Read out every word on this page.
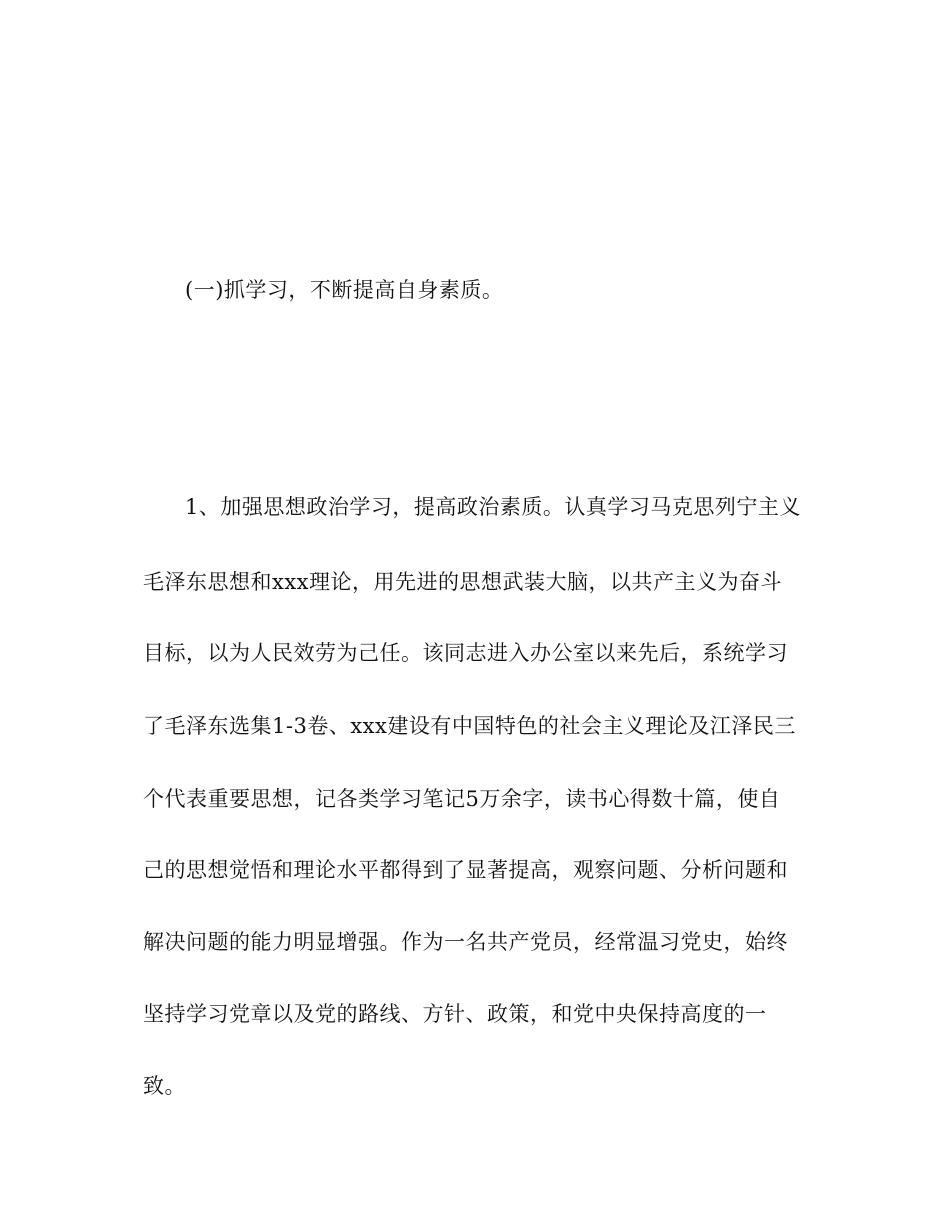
(一)抓学习，不断提高自身素质。
1、加强思想政治学习，提高政治素质。认真学习马克思列宁主义
毛泽东思想和xxx理论，用先进的思想武装大脑，以共产主义为奋斗
目标，以为人民效劳为己任。该同志进入办公室以来先后，系统学习
了毛泽东选集1-3卷、xxx建设有中国特色的社会主义理论及江泽民三
个代表重要思想，记各类学习笔记5万余字，读书心得数十篇，使自
己的思想觉悟和理论水平都得到了显著提高，观察问题、分析问题和
解决问题的能力明显增强。作为一名共产党员，经常温习党史，始终
坚持学习党章以及党的路线、方针、政策，和党中央保持高度的一
致。
